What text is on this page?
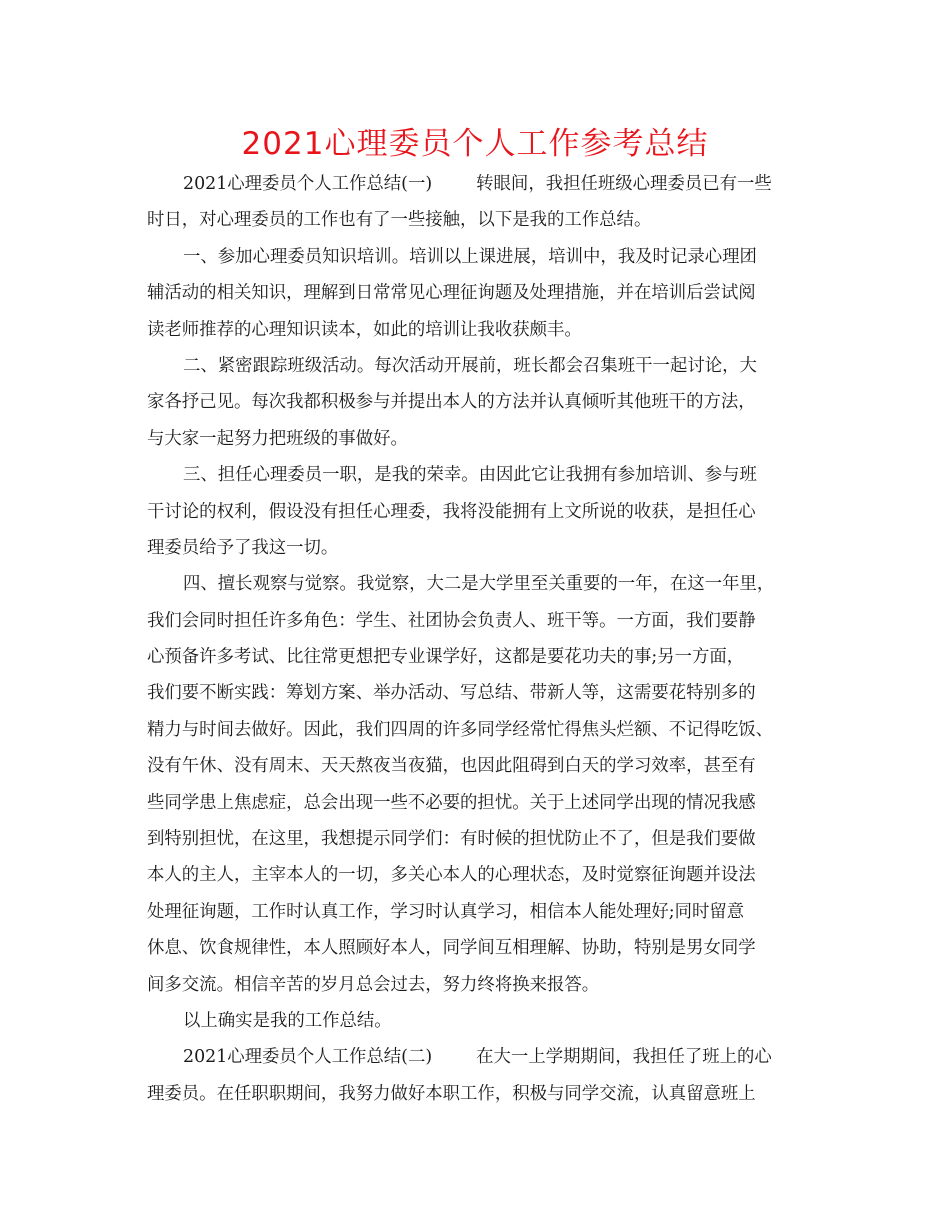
2021心理委员个人工作参考总结
2021心理委员个人工作总结(一)	转眼间，我担任班级心理委员已有一些
时日，对心理委员的工作也有了一些接触，以下是我的工作总结。
一、参加心理委员知识培训。培训以上课进展，培训中，我及时记录心理团
辅活动的相关知识，理解到日常常见心理征询题及处理措施，并在培训后尝试阅
读老师推荐的心理知识读本，如此的培训让我收获颇丰。
二、紧密跟踪班级活动。每次活动开展前，班长都会召集班干一起讨论，大
家各抒己见。每次我都积极参与并提出本人的方法并认真倾听其他班干的方法，
与大家一起努力把班级的事做好。
三、担任心理委员一职，是我的荣幸。由因此它让我拥有参加培训、参与班
干讨论的权利，假设没有担任心理委，我将没能拥有上文所说的收获，是担任心
理委员给予了我这一切。
四、擅长观察与觉察。我觉察，大二是大学里至关重要的一年，在这一年里，
我们会同时担任许多角色：学生、社团协会负责人、班干等。一方面，我们要静
心预备许多考试、比往常更想把专业课学好，这都是要花功夫的事;另一方面，
我们要不断实践：筹划方案、举办活动、写总结、带新人等，这需要花特别多的
精力与时间去做好。因此，我们四周的许多同学经常忙得焦头烂额、不记得吃饭、
没有午休、没有周末、天天熬夜当夜猫，也因此阻碍到白天的学习效率，甚至有
些同学患上焦虑症，总会出现一些不必要的担忧。关于上述同学出现的情况我感
到特别担忧，在这里，我想提示同学们：有时候的担忧防止不了，但是我们要做
本人的主人，主宰本人的一切，多关心本人的心理状态，及时觉察征询题并设法
处理征询题，工作时认真工作，学习时认真学习，相信本人能处理好;同时留意
休息、饮食规律性，本人照顾好本人，同学间互相理解、协助，特别是男女同学
间多交流。相信辛苦的岁月总会过去，努力终将换来报答。
以上确实是我的工作总结。
2021心理委员个人工作总结(二)	在大一上学期期间，我担任了班上的心
理委员。在任职职期间，我努力做好本职工作，积极与同学交流，认真留意班上
